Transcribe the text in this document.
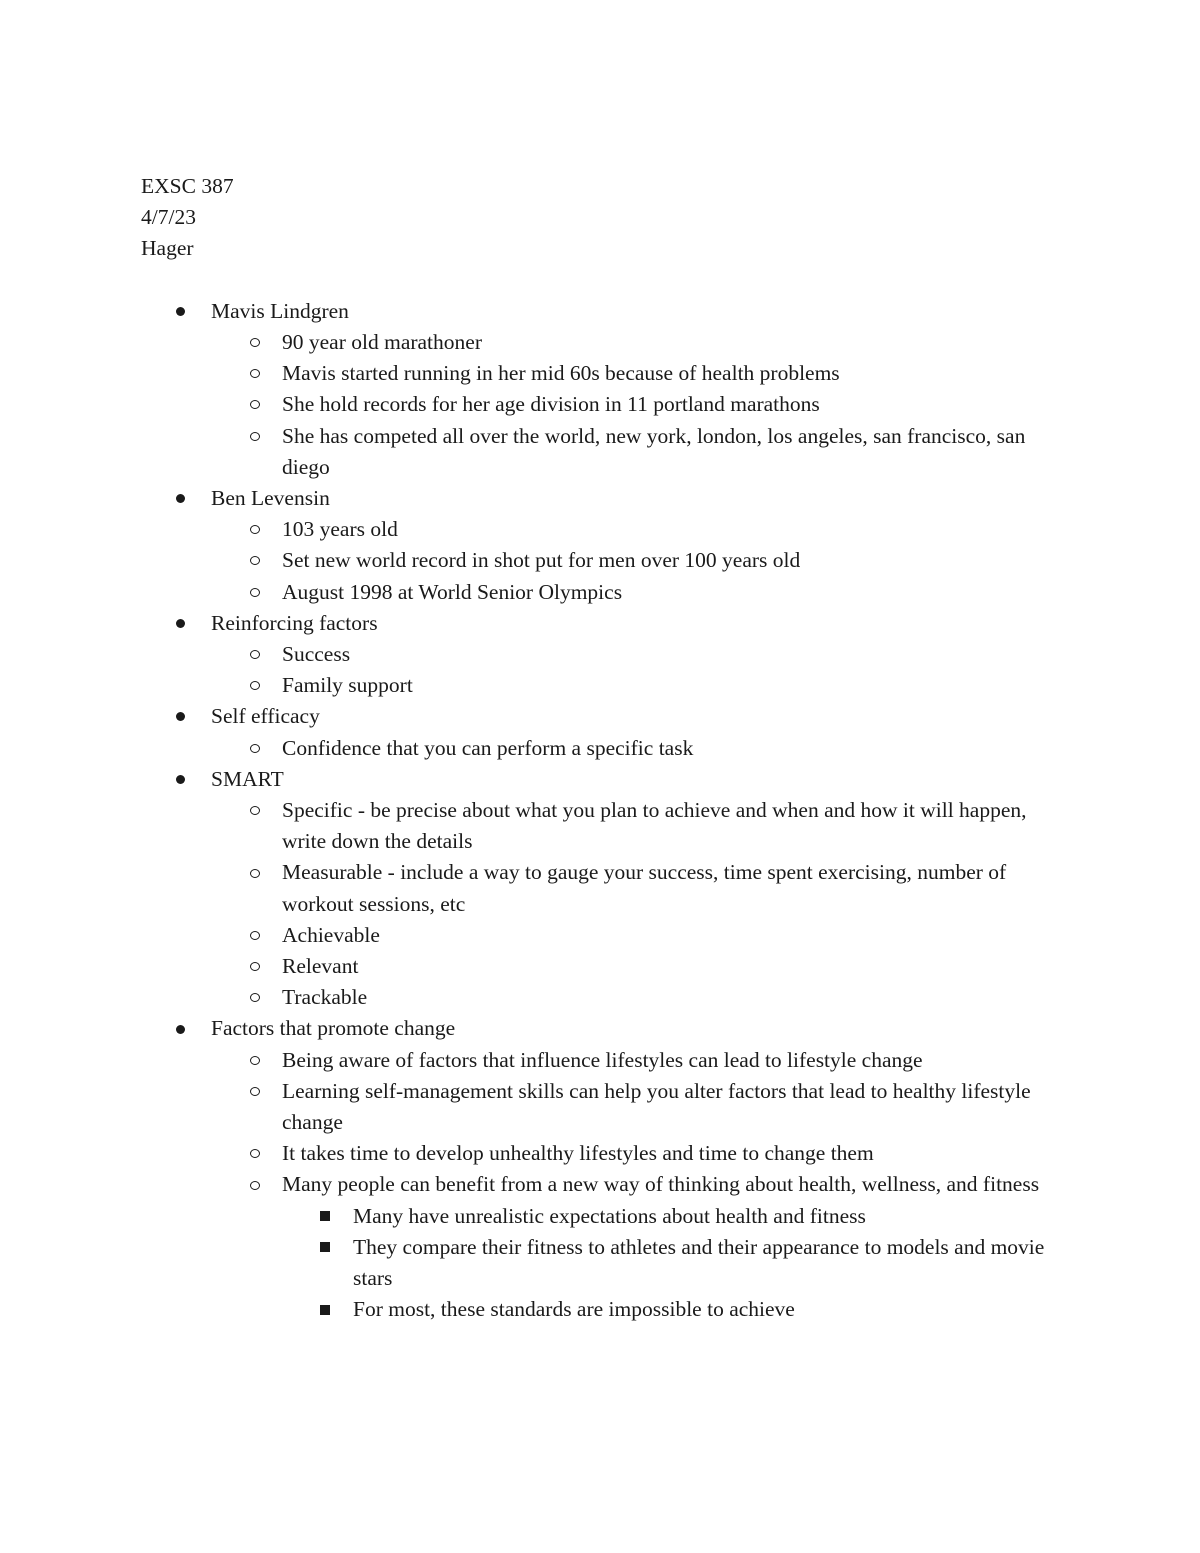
EXSC 387
4/7/23
Hager
Mavis Lindgren
90 year old marathoner
Mavis started running in her mid 60s because of health problems
She hold records for her age division in 11 portland marathons
She has competed all over the world, new york, london, los angeles, san francisco, san diego
Ben Levensin
103 years old
Set new world record in shot put for men over 100 years old
August 1998 at World Senior Olympics
Reinforcing factors
Success
Family support
Self efficacy
Confidence that you can perform a specific task
SMART
Specific - be precise about what you plan to achieve and when and how it will happen, write down the details
Measurable - include a way to gauge your success, time spent exercising, number of workout sessions, etc
Achievable
Relevant
Trackable
Factors that promote change
Being aware of factors that influence lifestyles can lead to lifestyle change
Learning self-management skills can help you alter factors that lead to healthy lifestyle change
It takes time to develop unhealthy lifestyles and time to change them
Many people can benefit from a new way of thinking about health, wellness, and fitness
Many have unrealistic expectations about health and fitness
They compare their fitness to athletes and their appearance to models and movie stars
For most, these standards are impossible to achieve
